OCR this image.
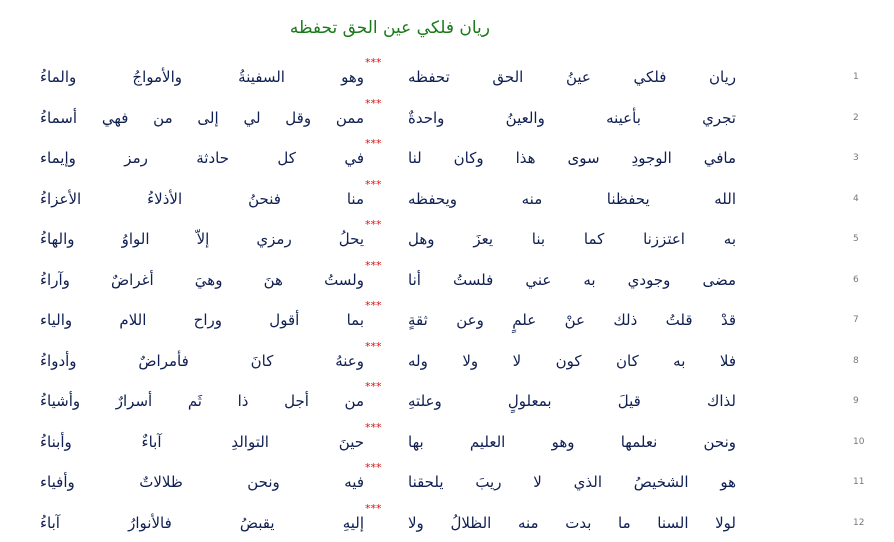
ريان فلكي عين الحق تحفظه
ريان فلكي عينُ الحق تحفظه
***
وهو السفينةُ والأمواجُ والماءُ	1
تجري بأعينه والعينُ واحدةٌ
***
ممن وقل لي إلى من فهي أسماءُ	2
مافي الوجودِ سوى هذا وكان لنا
***
في كل حادثة رمز وإيماء	3
الله يحفظنا منه ويحفظه
***
منا فنحنُ الأذلاءُ الأعزاءُ	4
به اعتززنا كما بنا يعزَ وهل
***
يحلُ رمزي إلاّ الواوُ والهاءُ	5
مضى وجودي به عني فلستُ أنا
***
ولستُ هنَ وهيَ أغراضٌ وآراءُ	6
قدْ قلتُ ذلك عنْ علمٍ وعن ثقةٍ
***
بما أقول وراح اللام والياء	7
فلا به كان كون لا ولا وله
***
وعنهُ كانَ فأمراضٌ وأدواءُ	8
لذاك قيلَ بمعلولٍ وعلتهِ
***
من أجل ذا ثَم أسرارٌ وأشياءُ	9
ونحن نعلمها وهو العليم بها
***
حينَ التوالدِ آباءٌ وأبناءُ	10
هو الشخيصُ الذي لا ريبَ يلحقنا
***
فيه ونحن ظلالاتٌ وأفياء	11
لولا السنا ما بدت منه الظلالُ ولا
***
إليهِ يقبضُ فالأنوارُ آباءُ	12
